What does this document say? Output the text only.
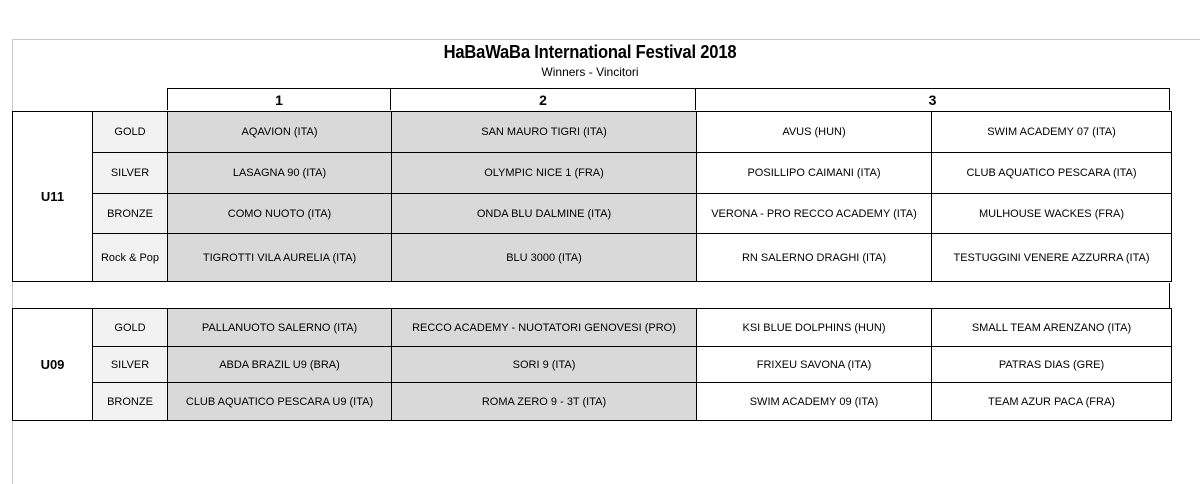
HaBaWaBa International Festival 2018
Winners - Vincitori
1	2	3
U11	GOLD	AQAVION (ITA)	SAN MAURO TIGRI (ITA)	AVUS (HUN)	SWIM ACADEMY 07 (ITA)
	SILVER	LASAGNA 90 (ITA)	OLYMPIC NICE 1 (FRA)	POSILLIPO CAIMANI (ITA)	CLUB AQUATICO PESCARA (ITA)
	BRONZE	COMO NUOTO (ITA)	ONDA BLU DALMINE (ITA)	VERONA - PRO RECCO ACADEMY (ITA)	MULHOUSE WACKES (FRA)
	Rock & Pop	TIGROTTI VILA AURELIA (ITA)	BLU 3000 (ITA)	RN SALERNO DRAGHI (ITA)	TESTUGGINI VENERE AZZURRA (ITA)
U09	GOLD	PALLANUOTO SALERNO (ITA)	RECCO ACADEMY - NUOTATORI GENOVESI (PRO)	KSI BLUE DOLPHINS (HUN)	SMALL TEAM ARENZANO (ITA)
	SILVER	ABDA BRAZIL U9 (BRA)	SORI 9 (ITA)	FRIXEU SAVONA (ITA)	PATRAS DIAS (GRE)
	BRONZE	CLUB AQUATICO PESCARA U9 (ITA)	ROMA ZERO 9 - 3T (ITA)	SWIM ACADEMY 09 (ITA)	TEAM AZUR PACA (FRA)
